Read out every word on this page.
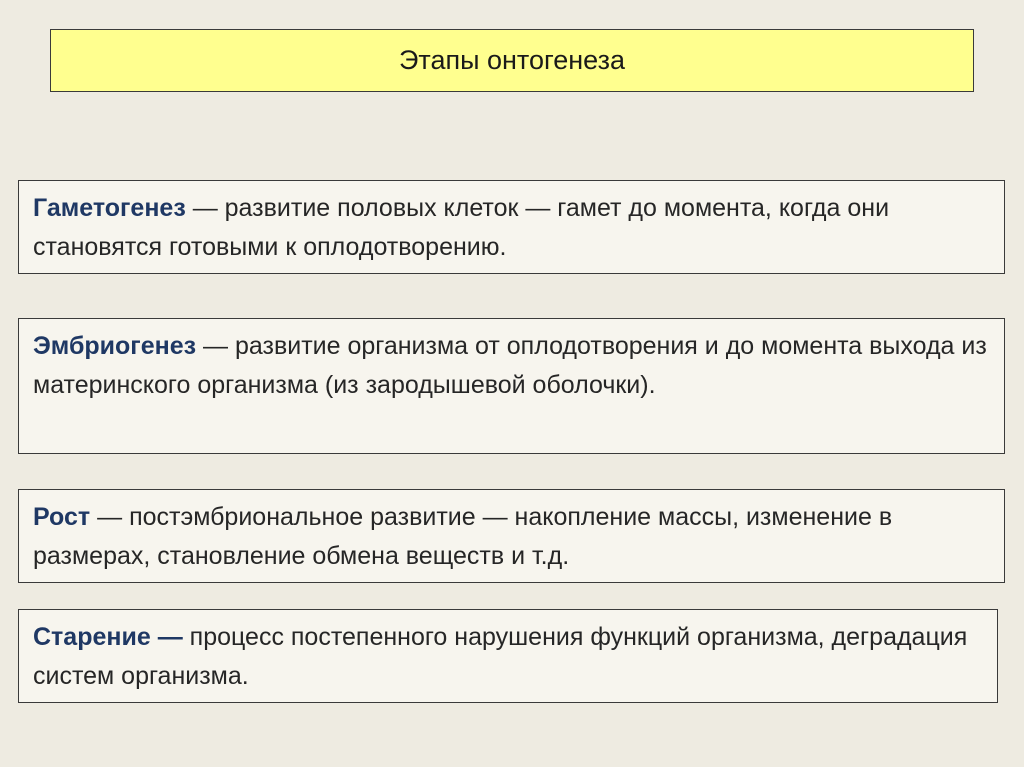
Этапы онтогенеза
Гаметогенез — развитие половых клеток — гамет до момента, когда они становятся готовыми к оплодотворению.
Эмбриогенез — развитие организма от оплодотворения и до момента выхода из материнского организма (из зародышевой оболочки).
Рост — постэмбриональное развитие — накопление массы, изменение в размерах, становление обмена веществ и т.д.
Старение — процесс постепенного нарушения функций организма, деградация систем организма.
